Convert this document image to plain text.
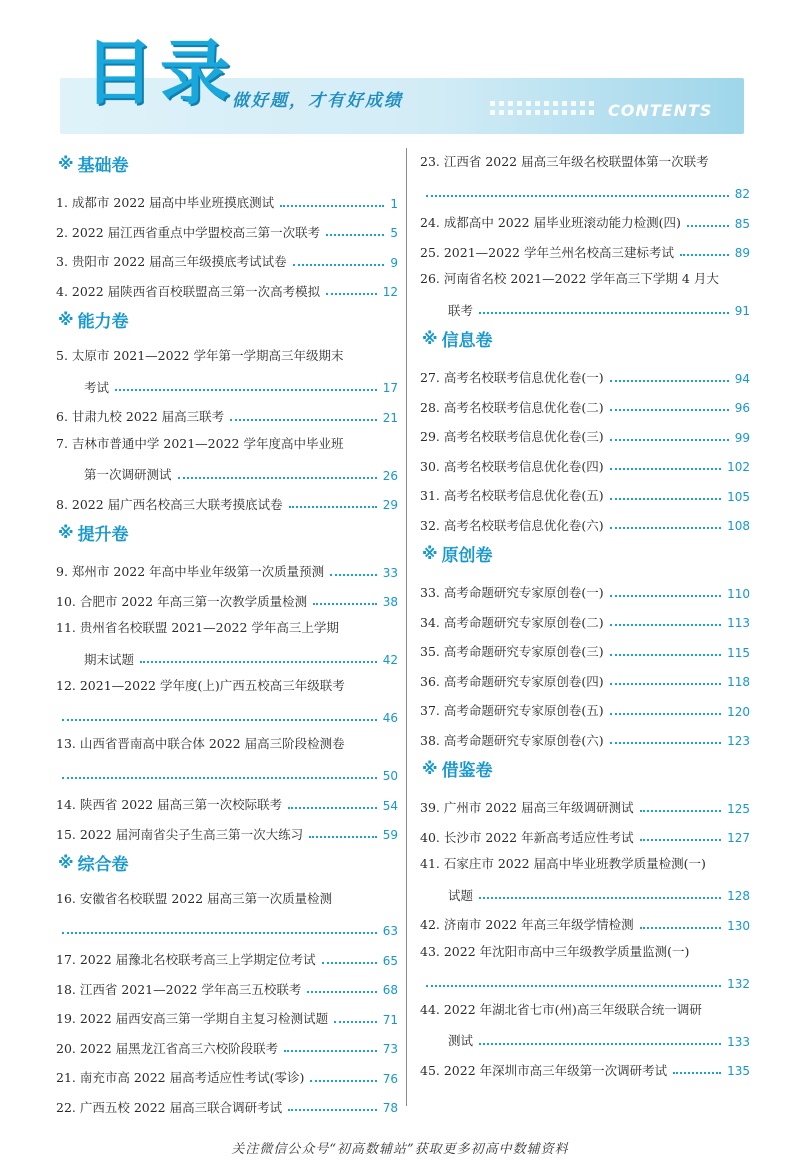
目录
做好题，才有好成绩	CONTENTS
※ 基础卷
1. 成都市 2022 届高中毕业班摸底测试	1
2. 2022 届江西省重点中学盟校高三第一次联考	5
3. 贵阳市 2022 届高三年级摸底考试试卷	9
4. 2022 届陕西省百校联盟高三第一次高考模拟	12
※ 能力卷
5. 太原市 2021—2022 学年第一学期高三年级期末
考试	17
6. 甘肃九校 2022 届高三联考	21
7. 吉林市普通中学 2021—2022 学年度高中毕业班
第一次调研测试	26
8. 2022 届广西名校高三大联考摸底试卷	29
※ 提升卷
9. 郑州市 2022 年高中毕业年级第一次质量预测	33
10. 合肥市 2022 年高三第一次教学质量检测	38
11. 贵州省名校联盟 2021—2022 学年高三上学期
期末试题	42
12. 2021—2022 学年度(上)广西五校高三年级联考
46
13. 山西省晋南高中联合体 2022 届高三阶段检测卷
50
14. 陕西省 2022 届高三第一次校际联考	54
15. 2022 届河南省尖子生高三第一次大练习	59
※ 综合卷
16. 安徽省名校联盟 2022 届高三第一次质量检测
63
17. 2022 届豫北名校联考高三上学期定位考试	65
18. 江西省 2021—2022 学年高三五校联考	68
19. 2022 届西安高三第一学期自主复习检测试题	71
20. 2022 届黑龙江省高三六校阶段联考	73
21. 南充市高 2022 届高考适应性考试(零诊)	76
22. 广西五校 2022 届高三联合调研考试	78
23. 江西省 2022 届高三年级名校联盟体第一次联考
82
24. 成都高中 2022 届毕业班滚动能力检测(四)	85
25. 2021—2022 学年兰州名校高三建标考试	89
26. 河南省名校 2021—2022 学年高三下学期 4 月大
联考	91
※ 信息卷
27. 高考名校联考信息优化卷(一)	94
28. 高考名校联考信息优化卷(二)	96
29. 高考名校联考信息优化卷(三)	99
30. 高考名校联考信息优化卷(四)	102
31. 高考名校联考信息优化卷(五)	105
32. 高考名校联考信息优化卷(六)	108
※ 原创卷
33. 高考命题研究专家原创卷(一)	110
34. 高考命题研究专家原创卷(二)	113
35. 高考命题研究专家原创卷(三)	115
36. 高考命题研究专家原创卷(四)	118
37. 高考命题研究专家原创卷(五)	120
38. 高考命题研究专家原创卷(六)	123
※ 借鉴卷
39. 广州市 2022 届高三年级调研测试	125
40. 长沙市 2022 年新高考适应性考试	127
41. 石家庄市 2022 届高中毕业班教学质量检测(一)
试题	128
42. 济南市 2022 年高三年级学情检测	130
43. 2022 年沈阳市高中三年级教学质量监测(一)
132
44. 2022 年湖北省七市(州)高三年级联合统一调研
测试	133
45. 2022 年深圳市高三年级第一次调研考试	135
关注微信公众号“初高数辅站”获取更多初高中数辅资料
